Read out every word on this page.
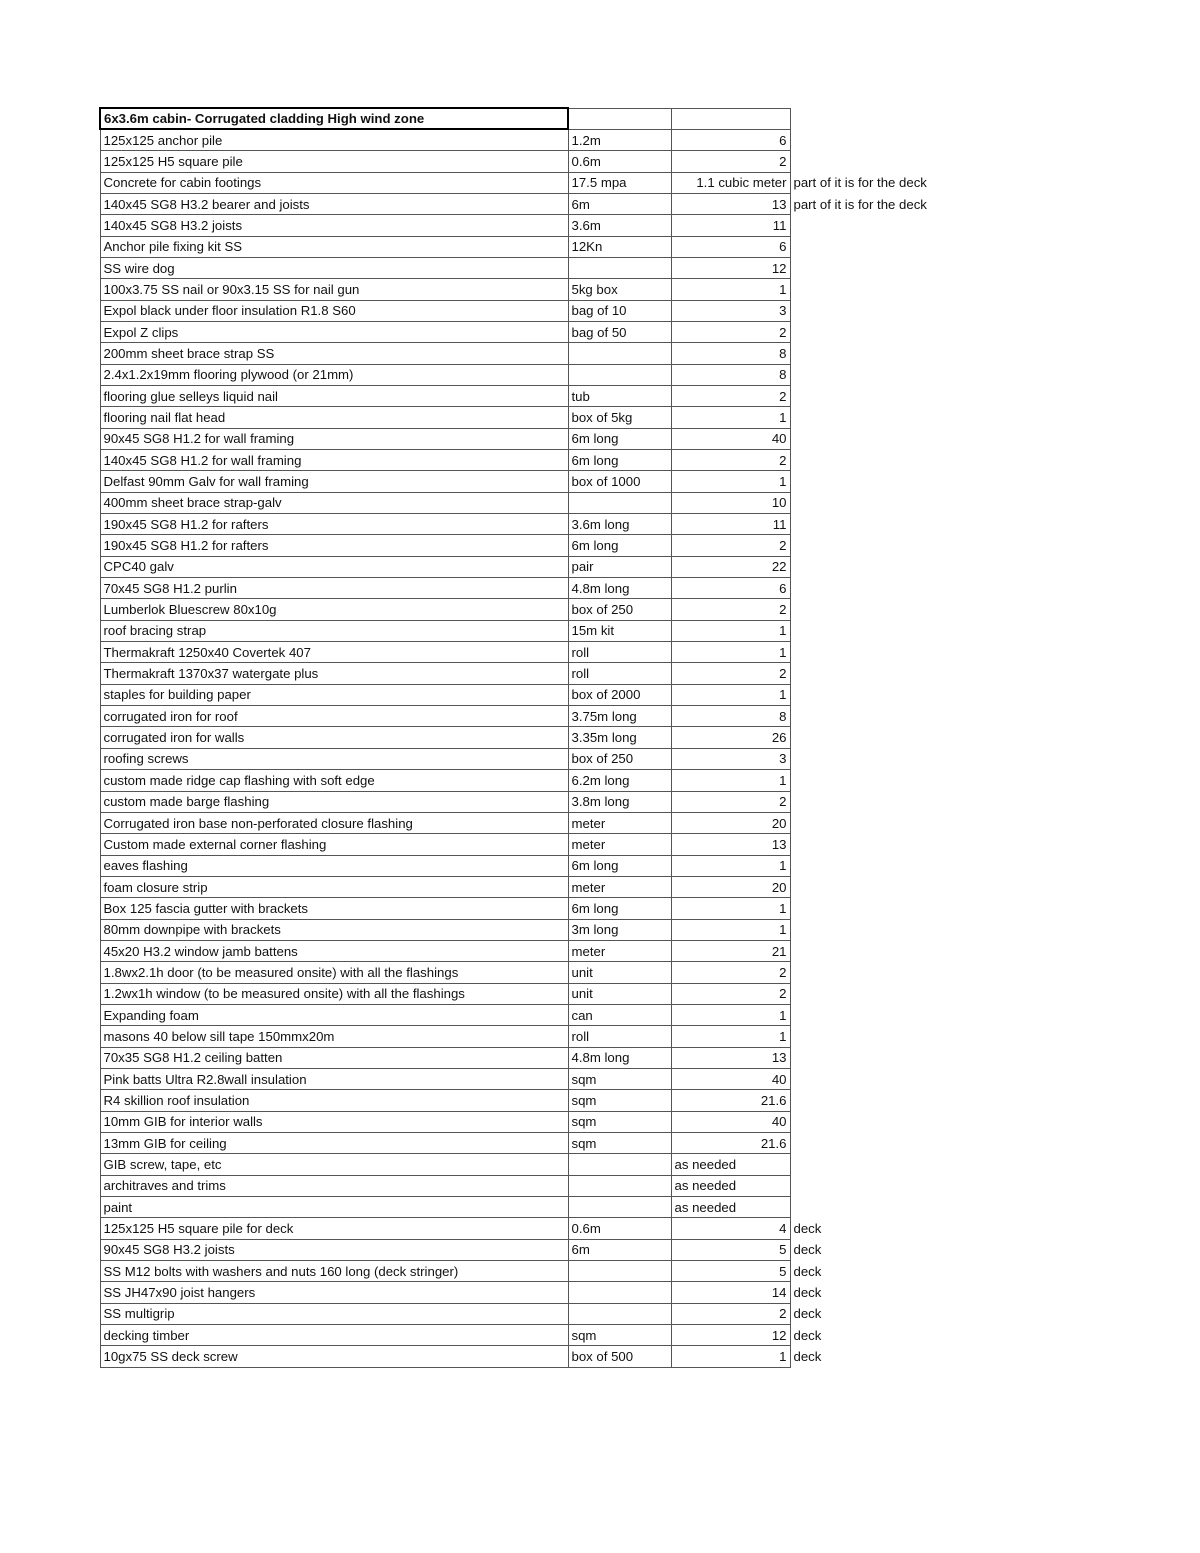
6x3.6m cabin- Corrugated cladding High wind zone			
125x125 anchor pile	1.2m	6	
125x125 H5 square pile	0.6m	2	
Concrete for cabin footings	17.5 mpa	1.1 cubic meter	part of it is for the deck
140x45 SG8 H3.2 bearer and joists	6m	13	part of it is for the deck
140x45 SG8 H3.2 joists	3.6m	11	
Anchor pile fixing kit SS	12Kn	6	
SS wire dog		12	
100x3.75 SS nail or 90x3.15 SS for nail gun	5kg box	1	
Expol black under floor insulation R1.8 S60	bag of 10	3	
Expol Z clips	bag of 50	2	
200mm sheet brace strap SS		8	
2.4x1.2x19mm flooring plywood (or 21mm)		8	
flooring glue selleys liquid nail	tub	2	
flooring nail flat head	box of 5kg	1	
90x45 SG8 H1.2 for wall framing	6m long	40	
140x45 SG8 H1.2 for wall framing	6m long	2	
Delfast 90mm Galv for wall framing	box of 1000	1	
400mm sheet brace strap-galv		10	
190x45 SG8 H1.2 for rafters	3.6m long	11	
190x45 SG8 H1.2 for rafters	6m long	2	
CPC40 galv	pair	22	
70x45 SG8 H1.2 purlin	4.8m long	6	
Lumberlok Bluescrew 80x10g	box of 250	2	
roof bracing strap	15m kit	1	
Thermakraft 1250x40 Covertek 407	roll	1	
Thermakraft 1370x37 watergate plus	roll	2	
staples for building paper	box of 2000	1	
corrugated iron for roof	3.75m long	8	
corrugated iron for walls	3.35m long	26	
roofing screws	box of 250	3	
custom made ridge cap flashing with soft edge	6.2m long	1	
custom made barge flashing	3.8m long	2	
Corrugated iron base non-perforated closure flashing	meter	20	
Custom made external corner flashing	meter	13	
eaves flashing	6m long	1	
foam closure strip	meter	20	
Box 125 fascia gutter with brackets	6m long	1	
80mm downpipe with brackets	3m long	1	
45x20 H3.2 window jamb battens	meter	21	
1.8wx2.1h door (to be measured onsite) with all the flashings	unit	2	
1.2wx1h window (to be measured onsite) with all the flashings	unit	2	
Expanding foam	can	1	
masons 40 below sill tape 150mmx20m	roll	1	
70x35 SG8 H1.2 ceiling batten	4.8m long	13	
Pink batts Ultra R2.8wall insulation	sqm	40	
R4 skillion roof insulation	sqm	21.6	
10mm GIB for interior walls	sqm	40	
13mm GIB for ceiling	sqm	21.6	
GIB screw, tape, etc		as needed	
architraves and trims		as needed	
paint		as needed	
125x125 H5 square pile for deck	0.6m	4	deck
90x45 SG8 H3.2 joists	6m	5	deck
SS M12 bolts with washers and nuts 160 long (deck stringer)		5	deck
SS JH47x90 joist hangers		14	deck
SS multigrip		2	deck
decking timber	sqm	12	deck
10gx75 SS deck screw	box of 500	1	deck
